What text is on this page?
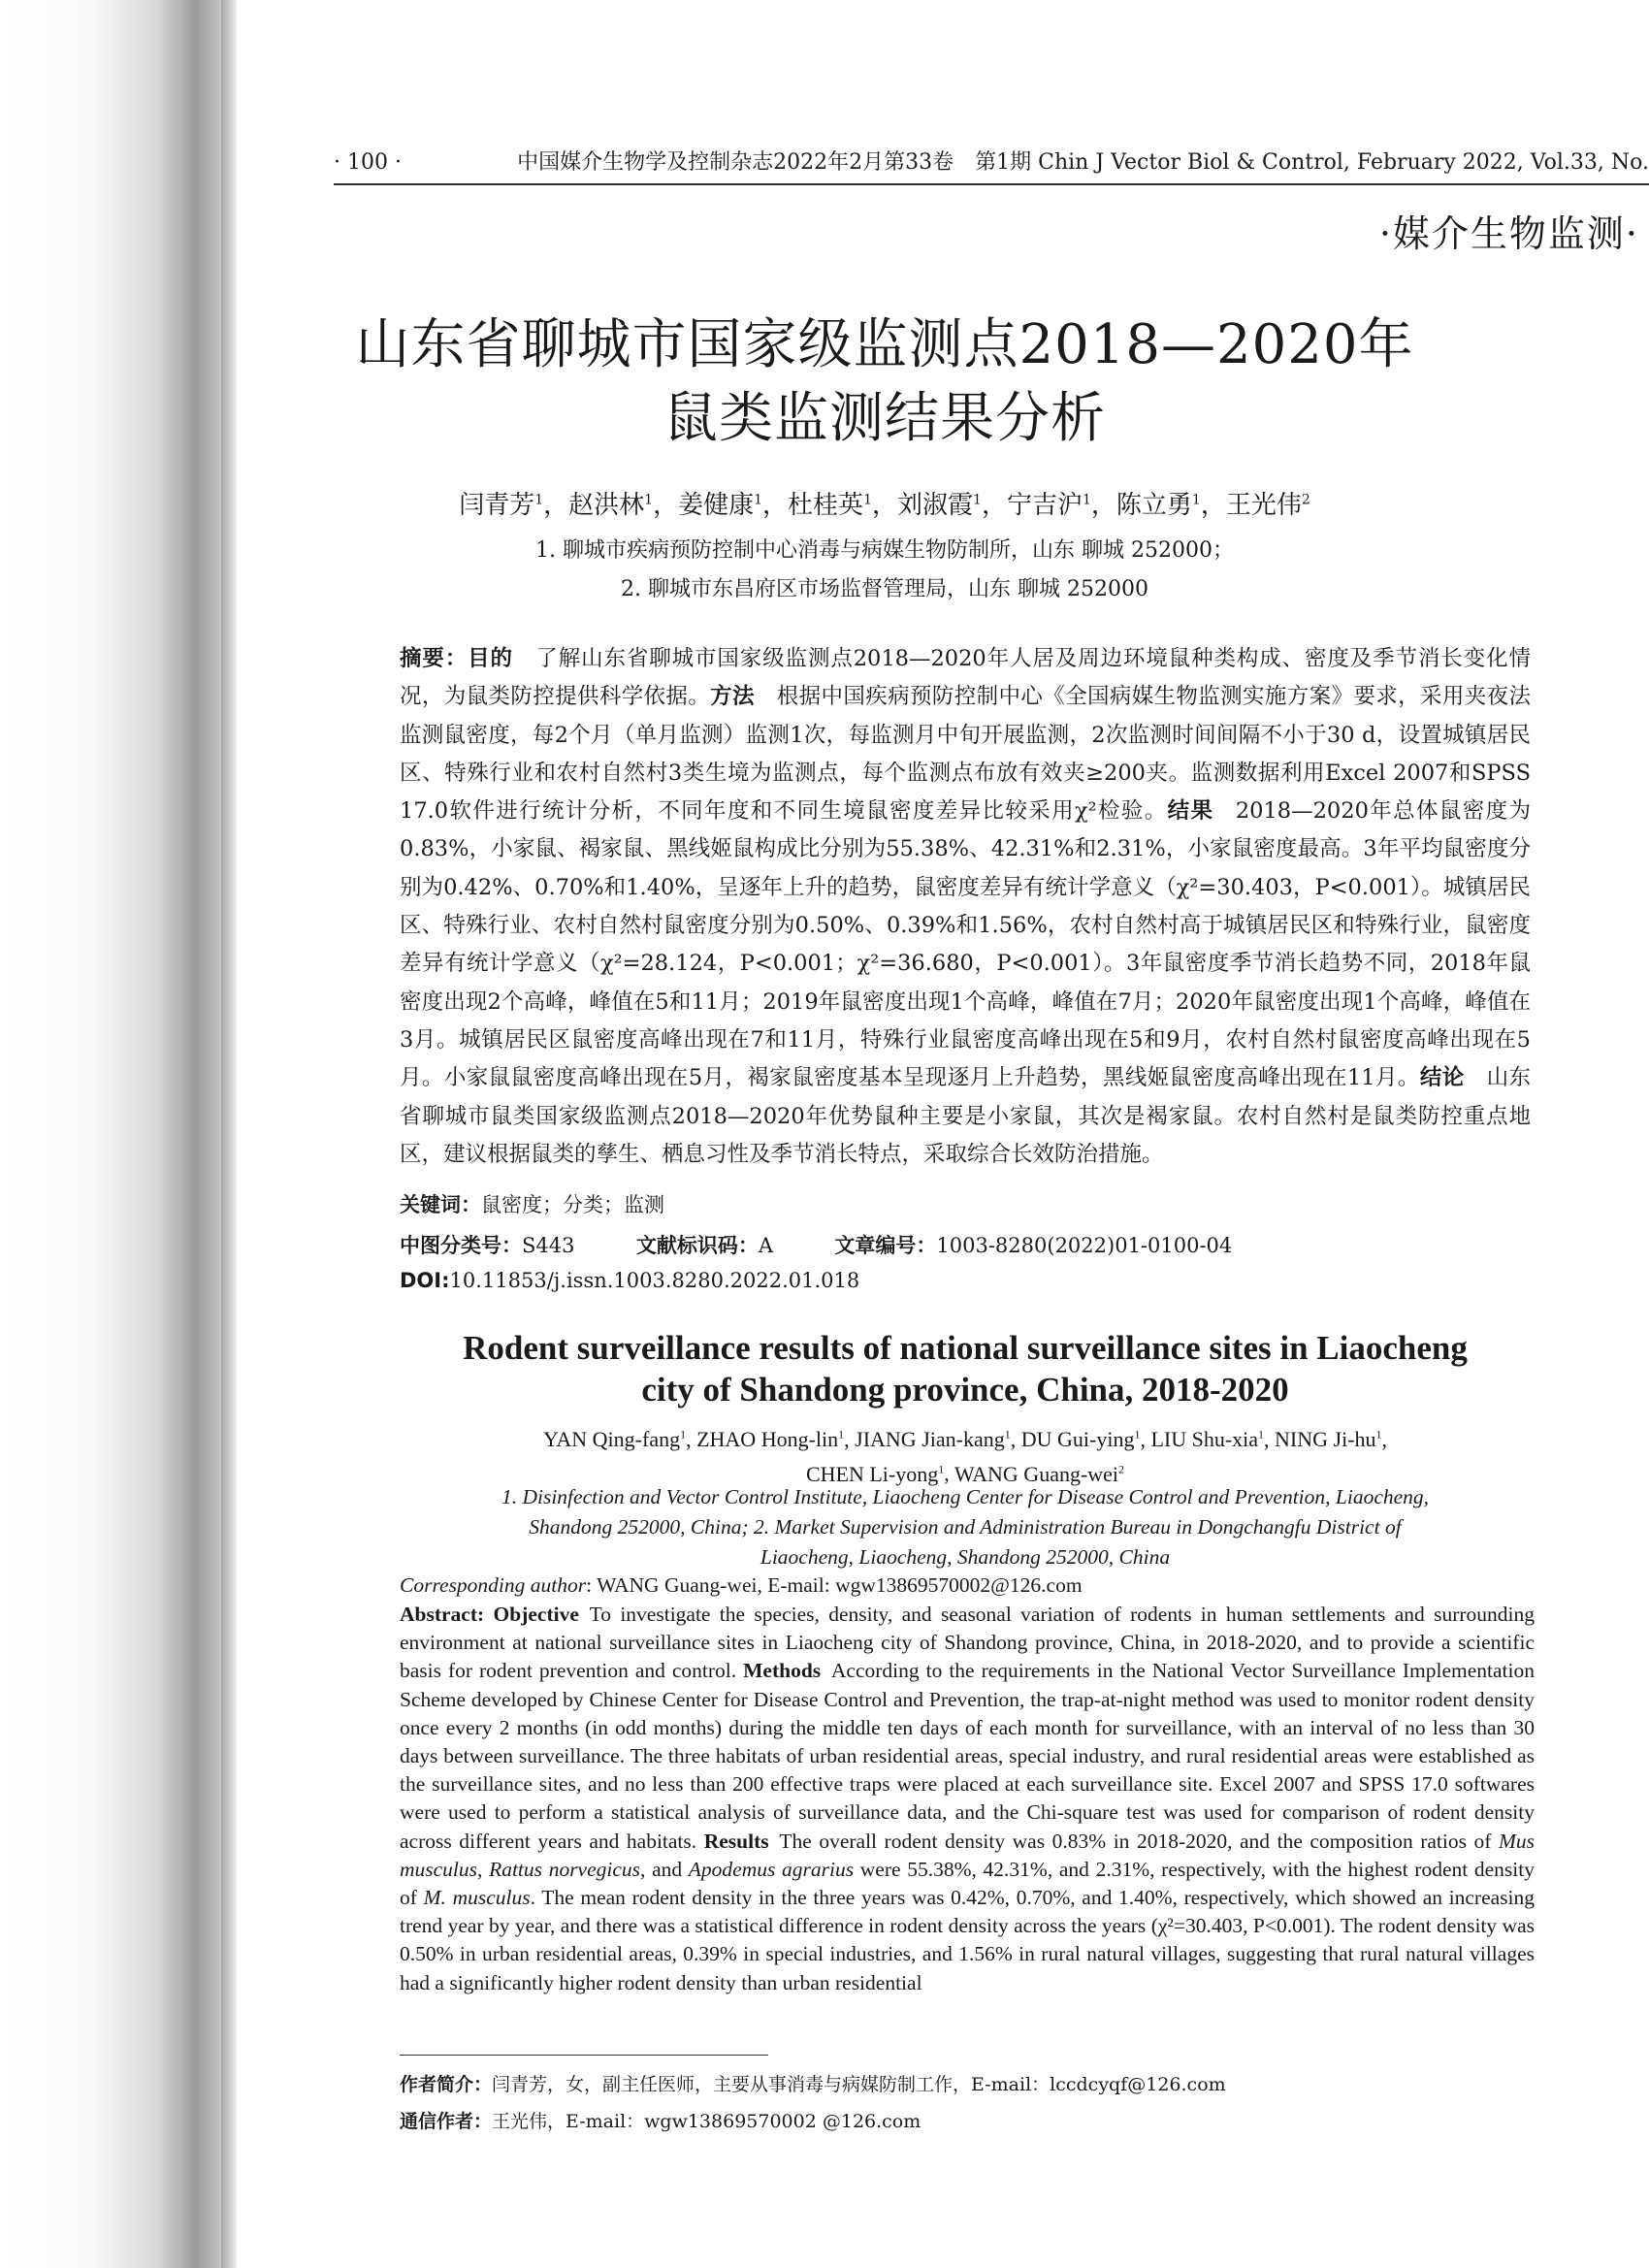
· 100 ·	中国媒介生物学及控制杂志2022年2月第33卷　第1期 Chin J Vector Biol & Control, February 2022, Vol.33, No.
·媒介生物监测·
山东省聊城市国家级监测点2018—2020年
鼠类监测结果分析
闫青芳$^1$，赵洪林$^1$，姜健康$^1$，杜桂英$^1$，刘淑霞$^1$，宁吉沪$^1$，陈立勇$^1$，王光伟$^2$
1. 聊城市疾病预防控制中心消毒与病媒生物防制所，山东 聊城 252000；
2. 聊城市东昌府区市场监督管理局，山东 聊城 252000
摘要：目的  了解山东省聊城市国家级监测点2018—2020年人居及周边环境鼠种类构成、密度及季节消长变化情况，为鼠类防控提供科学依据。方法  根据中国疾病预防控制中心《全国病媒生物监测实施方案》要求，采用夹夜法监测鼠密度，每2个月（单月监测）监测1次，每监测月中旬开展监测，2次监测时间间隔不小于30 d，设置城镇居民区、特殊行业和农村自然村3类生境为监测点，每个监测点布放有效夹≥200夹。监测数据利用Excel 2007和SPSS 17.0软件进行统计分析，不同年度和不同生境鼠密度差异比较采用χ²检验。结果  2018—2020年总体鼠密度为0.83%，小家鼠、褐家鼠、黑线姬鼠构成比分别为55.38%、42.31%和2.31%，小家鼠密度最高。3年平均鼠密度分别为0.42%、0.70%和1.40%，呈逐年上升的趋势，鼠密度差异有统计学意义（χ²=30.403，P<0.001）。城镇居民区、特殊行业、农村自然村鼠密度分别为0.50%、0.39%和1.56%，农村自然村高于城镇居民区和特殊行业，鼠密度差异有统计学意义（χ²=28.124，P<0.001；χ²=36.680，P<0.001）。3年鼠密度季节消长趋势不同，2018年鼠密度出现2个高峰，峰值在5和11月；2019年鼠密度出现1个高峰，峰值在7月；2020年鼠密度出现1个高峰，峰值在3月。城镇居民区鼠密度高峰出现在7和11月，特殊行业鼠密度高峰出现在5和9月，农村自然村鼠密度高峰出现在5月。小家鼠鼠密度高峰出现在5月，褐家鼠密度基本呈现逐月上升趋势，黑线姬鼠密度高峰出现在11月。结论  山东省聊城市鼠类国家级监测点2018—2020年优势鼠种主要是小家鼠，其次是褐家鼠。农村自然村是鼠类防控重点地区，建议根据鼠类的孳生、栖息习性及季节消长特点，采取综合长效防治措施。
关键词：鼠密度；分类；监测
中图分类号：S443	文献标识码：A	文章编号：1003-8280(2022)01-0100-04
DOI:10.11853/j.issn.1003.8280.2022.01.018
Rodent surveillance results of national surveillance sites in Liaocheng
city of Shandong province, China, 2018-2020
YAN Qing-fang$^1$, ZHAO Hong-lin$^1$, JIANG Jian-kang$^1$, DU Gui-ying$^1$, LIU Shu-xia$^1$, NING $Ji-hu^1$,
CHEN Li-yong$^1$, WANG Guang-wei$^2$
1. Disinfection and Vector Control Institute, Liaocheng Center for Disease Control and Prevention, Liaocheng,
Shandong 252000, China; 2. Market Supervision and Administration Bureau in Dongchangfu District of
Liaocheng, Liaocheng, Shandong 252000, China
Corresponding author: WANG Guang-wei, E-mail: wgw13869570002@126.com
Abstract: Objective  To investigate the species, density, and seasonal variation of rodents in human settlements and surrounding environment at national surveillance sites in Liaocheng city of Shandong province, China, in 2018-2020, and to provide a scientific basis for rodent prevention and control. Methods  According to the requirements in the National Vector Surveillance Implementation Scheme developed by Chinese Center for Disease Control and Prevention, the trap-at-night method was used to monitor rodent density once every 2 months (in odd months) during the middle ten days of each month for surveillance, with an interval of no less than 30 days between surveillance. The three habitats of urban residential areas, special industry, and rural residential areas were established as the surveillance sites, and no less than 200 effective traps were placed at each surveillance site. Excel 2007 and SPSS 17.0 softwares were used to perform a statistical analysis of surveillance data, and the Chi-square test was used for comparison of rodent density across different years and habitats. Results  The overall rodent density was 0.83% in 2018-2020, and the composition ratios of Mus musculus, Rattus norvegicus, and Apodemus agrarius were 55.38%, 42.31%, and 2.31%, respectively, with the highest rodent density of M. musculus. The mean rodent density in the three years was 0.42%, 0.70%, and 1.40%, respectively, which showed an increasing trend year by year, and there was a statistical difference in rodent density across the years (χ²=30.403, P<0.001). The rodent density was 0.50% in urban residential areas, 0.39% in special industries, and 1.56% in rural natural villages, suggesting that rural natural villages had a significantly higher rodent density than urban residential
作者简介：闫青芳，女，副主任医师，主要从事消毒与病媒防制工作，E-mail：lccdcyqf@126.com
通信作者：王光伟，E-mail：wgw13869570002 @126.com
